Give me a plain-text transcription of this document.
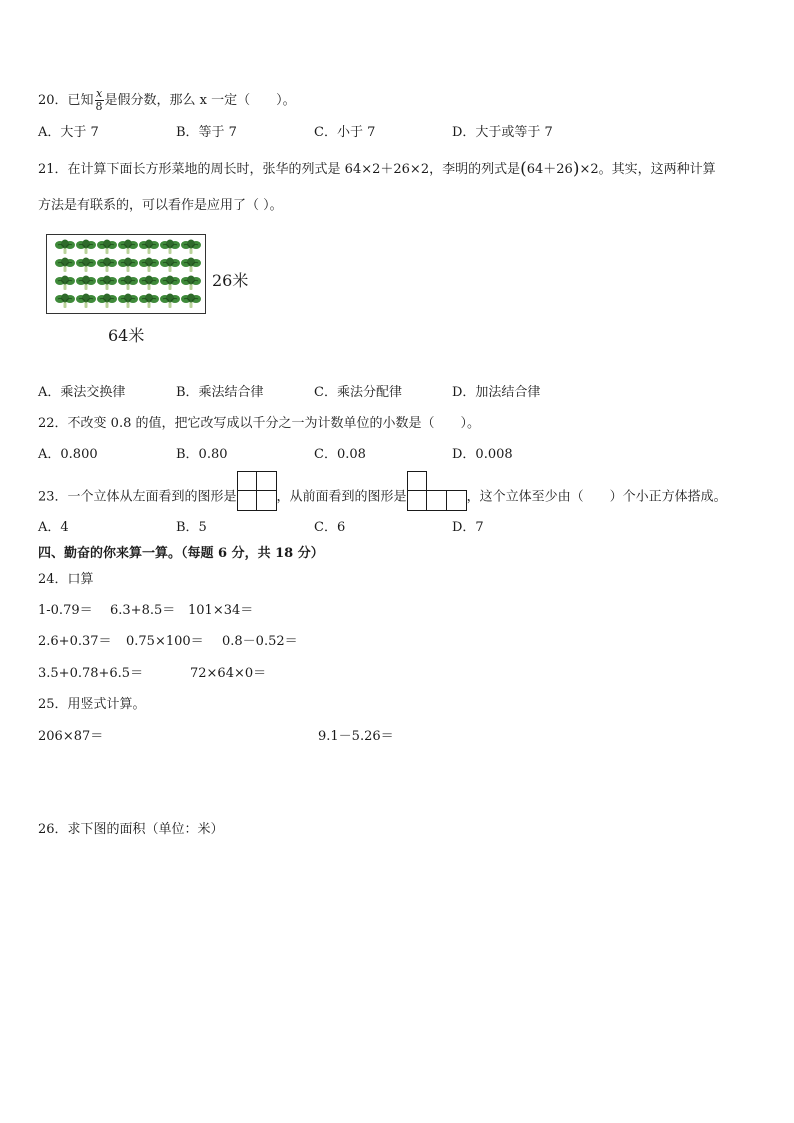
20．已知 $\frac{x}{8}$ 是假分数，那么 x 一定（　　）。
A．大于 7	B．等于 7	C．小于 7	D．大于或等于 7
21．在计算下面长方形菜地的周长时，张华的列式是 64×2＋26×2，李明的列式是(64＋26)×2。其实，这两种计算
方法是有联系的，可以看作是应用了（ ）。
26米
64米
A．乘法交换律	B．乘法结合律	C．乘法分配律	D．加法结合律
22．不改变 0.8 的值，把它改写成以千分之一为计数单位的小数是（　　）。
A．0.800	B．0.80	C．0.08	D．0.008
23．一个立体从左面看到的图形是	，从前面看到的图形是	，这个立体至少由（　　）个小正方体搭成。
A．4	B．5	C．6	D．7
四、勤奋的你来算一算。（每题 6 分，共 18 分）
24．口算
1-0.79＝ 6.3+8.5＝ 101×34＝
2.6+0.37＝ 0.75×100＝ 0.8－0.52＝
3.5+0.78+6.5＝	72×64×0＝
25．用竖式计算。
206×87＝	9.1－5.26＝
26．求下图的面积（单位：米）
